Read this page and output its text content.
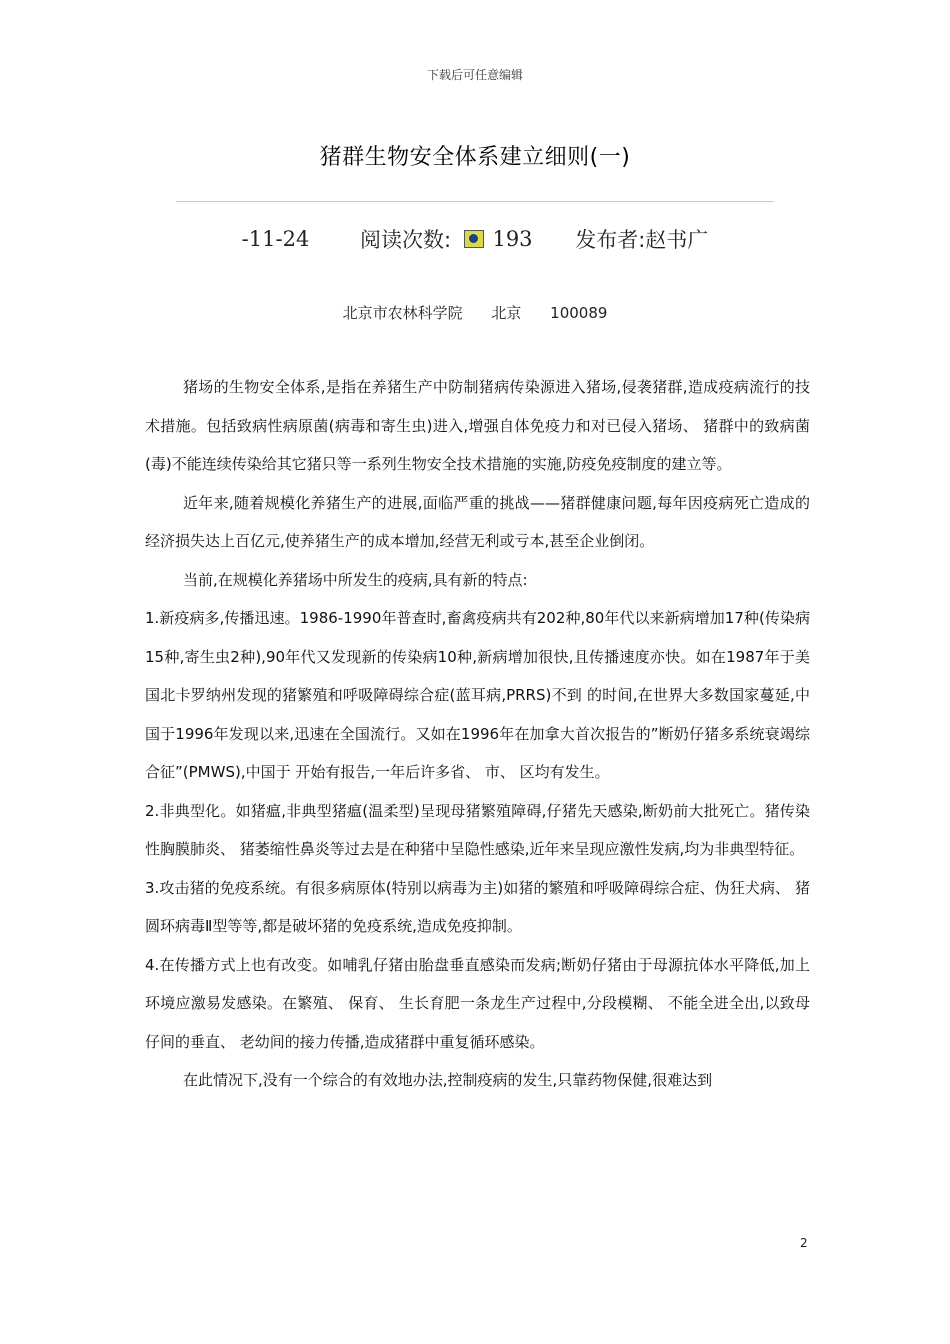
下载后可任意编辑
猪群生物安全体系建立细则(一)
-11-24 阅读次数: 193 发布者:赵书广
北京市农林科学院 北京 100089

猪场的生物安全体系,是指在养猪生产中防制猪病传染源进入猪场,侵袭猪群,造成疫病流行的技术措施。包括致病性病原菌(病毒和寄生虫)进入,增强自体免疫力和对已侵入猪场、 猪群中的致病菌(毒)不能连续传染给其它猪只等一系列生物安全技术措施的实施,防疫免疫制度的建立等。

近年来,随着规模化养猪生产的进展,面临严重的挑战——猪群健康问题,每年因疫病死亡造成的经济损失达上百亿元,使养猪生产的成本增加,经营无利或亏本,甚至企业倒闭。

当前,在规模化养猪场中所发生的疫病,具有新的特点:

1.新疫病多,传播迅速。1986-1990年普查时,畜禽疫病共有202种,80年代以来新病增加17种(传染病15种,寄生虫2种),90年代又发现新的传染病10种,新病增加很快,且传播速度亦快。如在1987年于美国北卡罗纳州发现的猪繁殖和呼吸障碍综合症(蓝耳病,PRRS)不到 的时间,在世界大多数国家蔓延,中国于1996年发现以来,迅速在全国流行。又如在1996年在加拿大首次报告的”断奶仔猪多系统衰竭综合征”(PMWS),中国于 开始有报告,一年后许多省、 市、 区均有发生。

2.非典型化。如猪瘟,非典型猪瘟(温柔型)呈现母猪繁殖障碍,仔猪先天感染,断奶前大批死亡。猪传染性胸膜肺炎、 猪萎缩性鼻炎等过去是在种猪中呈隐性感染,近年来呈现应激性发病,均为非典型特征。

3.攻击猪的免疫系统。有很多病原体(特别以病毒为主)如猪的繁殖和呼吸障碍综合症、伪狂犬病、 猪圆环病毒Ⅱ型等等,都是破坏猪的免疫系统,造成免疫抑制。

4.在传播方式上也有改变。如哺乳仔猪由胎盘垂直感染而发病;断奶仔猪由于母源抗体水平降低,加上环境应激易发感染。在繁殖、 保育、 生长育肥一条龙生产过程中,分段模糊、 不能全进全出,以致母仔间的垂直、 老幼间的接力传播,造成猪群中重复循环感染。

在此情况下,没有一个综合的有效地办法,控制疫病的发生,只靠药物保健,很难达到

2
